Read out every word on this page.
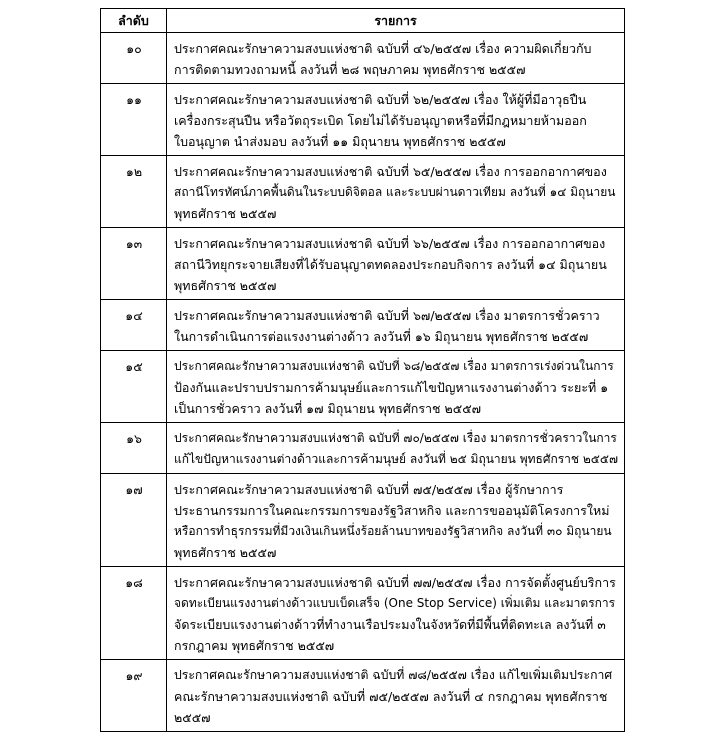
ลำดับ	รายการ
๑๐	ประกาศคณะรักษาความสงบแห่งชาติ ฉบับที่ ๔๖/๒๕๕๗ เรื่อง ความผิดเกี่ยวกับ
การติดตามทวงถามหนี้ ลงวันที่ ๒๘ พฤษภาคม พุทธศักราช ๒๕๕๗

๑๑	ประกาศคณะรักษาความสงบแห่งชาติ ฉบับที่ ๖๒/๒๕๕๗ เรื่อง ให้ผู้ที่มีอาวุธปืน
เครื่องกระสุนปืน หรือวัตถุระเบิด โดยไม่ได้รับอนุญาตหรือที่มีกฎหมายห้ามออก
ใบอนุญาต นำส่งมอบ ลงวันที่ ๑๑ มิถุนายน พุทธศักราช ๒๕๕๗

๑๒	ประกาศคณะรักษาความสงบแห่งชาติ ฉบับที่ ๖๕/๒๕๕๗ เรื่อง การออกอากาศของ
สถานีโทรทัศน์ภาคพื้นดินในระบบดิจิตอล และระบบผ่านดาวเทียม ลงวันที่ ๑๔ มิถุนายน
พุทธศักราช ๒๕๕๗

๑๓	ประกาศคณะรักษาความสงบแห่งชาติ ฉบับที่ ๖๖/๒๕๕๗ เรื่อง การออกอากาศของ
สถานีวิทยุกระจายเสียงที่ได้รับอนุญาตทดลองประกอบกิจการ ลงวันที่ ๑๔ มิถุนายน
พุทธศักราช ๒๕๕๗

๑๔	ประกาศคณะรักษาความสงบแห่งชาติ ฉบับที่ ๖๗/๒๕๕๗ เรื่อง มาตรการชั่วคราว
ในการดำเนินการต่อแรงงานต่างด้าว ลงวันที่ ๑๖ มิถุนายน พุทธศักราช ๒๕๕๗

๑๕	ประกาศคณะรักษาความสงบแห่งชาติ ฉบับที่ ๖๘/๒๕๕๗ เรื่อง มาตรการเร่งด่วนในการ
ป้องกันและปราบปรามการค้ามนุษย์และการแก้ไขปัญหาแรงงานต่างด้าว ระยะที่ ๑
เป็นการชั่วคราว ลงวันที่ ๑๗ มิถุนายน พุทธศักราช ๒๕๕๗

๑๖	ประกาศคณะรักษาความสงบแห่งชาติ ฉบับที่ ๗๐/๒๕๕๗ เรื่อง มาตรการชั่วคราวในการ
แก้ไขปัญหาแรงงานต่างด้าวและการค้ามนุษย์ ลงวันที่ ๒๕ มิถุนายน พุทธศักราช ๒๕๕๗

๑๗	ประกาศคณะรักษาความสงบแห่งชาติ ฉบับที่ ๗๕/๒๕๕๗ เรื่อง ผู้รักษาการ
ประธานกรรมการในคณะกรรมการของรัฐวิสาหกิจ และการขออนุมัติโครงการใหม่
หรือการทำธุรกรรมที่มีวงเงินเกินหนึ่งร้อยล้านบาทของรัฐวิสาหกิจ ลงวันที่ ๓๐ มิถุนายน
พุทธศักราช ๒๕๕๗

๑๘	ประกาศคณะรักษาความสงบแห่งชาติ ฉบับที่ ๗๗/๒๕๕๗ เรื่อง การจัดตั้งศูนย์บริการ
จดทะเบียนแรงงานต่างด้าวแบบเบ็ดเสร็จ (One Stop Service) เพิ่มเติม และมาตรการ
จัดระเบียบแรงงานต่างด้าวที่ทำงานเรือประมงในจังหวัดที่มีพื้นที่ติดทะเล ลงวันที่ ๓
กรกฎาคม พุทธศักราช ๒๕๕๗

๑๙	ประกาศคณะรักษาความสงบแห่งชาติ ฉบับที่ ๗๘/๒๕๕๗ เรื่อง แก้ไขเพิ่มเติมประกาศ
คณะรักษาความสงบแห่งชาติ ฉบับที่ ๗๕/๒๕๕๗ ลงวันที่ ๔ กรกฎาคม พุทธศักราช
๒๕๕๗
